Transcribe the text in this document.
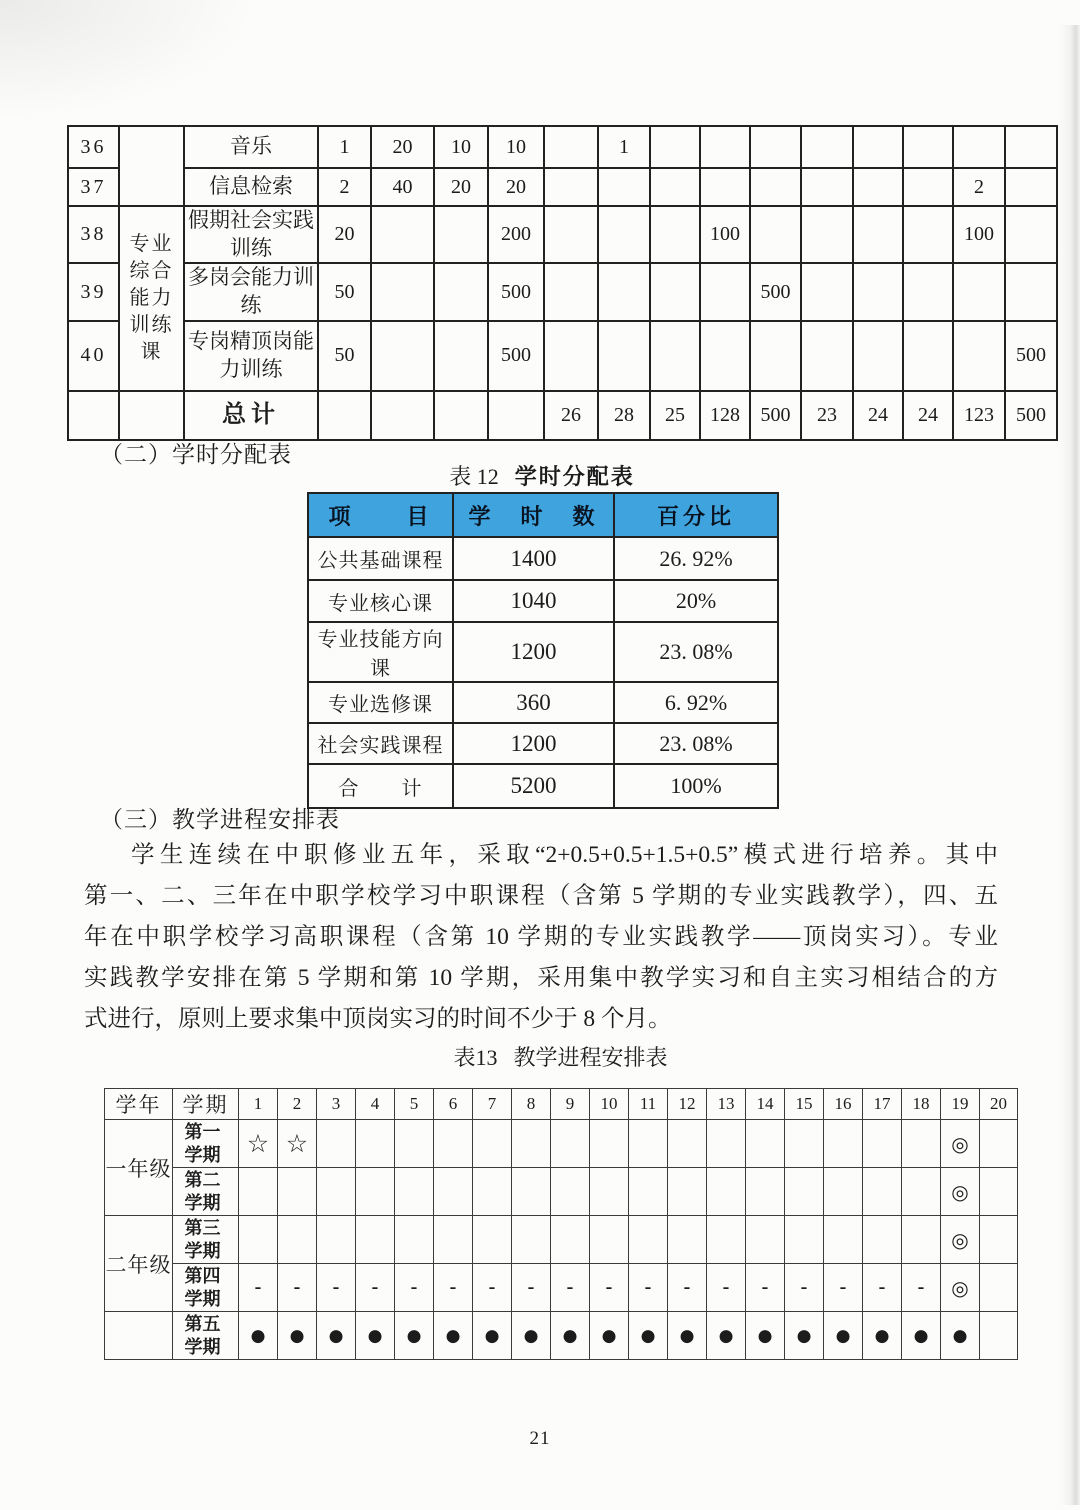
36		音乐	1	20	10	10		1								
37		信息检索	2	40	20	20									2	
38	专业综合能力训练课	假期社会实践训练	20			200				100					100	
39		多岗会能力训练	50			500					500					
40		专岗精顶岗能力训练	50			500										500
		总计					26	28	25	128	500	23	24	24	123	500
（二）学时分配表
表 12 学时分配表
项　　目	学　时　数	百分比
公共基础课程	1400	26. 92%
专业核心课	1040	20%
专业技能方向课	1200	23. 08%
专业选修课	360	6. 92%
社会实践课程	1200	23. 08%
合　　计	5200	100%
（三）教学进程安排表
学生连续在中职修业五年，采取“2+0.5+0.5+1.5+0.5”模式进行培养。其中
第一、二、三年在中职学校学习中职课程（含第 5 学期的专业实践教学），四、五
年在中职学校学习高职课程（含第 10 学期的专业实践教学——顶岗实习）。专业
实践教学安排在第 5 学期和第 10 学期，采用集中教学实习和自主实习相结合的方
式进行，原则上要求集中顶岗实习的时间不少于 8 个月。
表13 教学进程安排表
学年	学期	1	2	3	4	5	6	7	8	9	10	11	12	13	14	15	16	17	18	19	20
一年级	第一学期	☆	☆																	◎	
	第二学期																			◎	
二年级	第三学期																			◎	
	第四学期	-	-	-	-	-	-	-	-	-	-	-	-	-	-	-	-	-	-	◎	
	第五学期	●	●	●	●	●	●	●	●	●	●	●	●	●	●	●	●	●	●	●	
21
